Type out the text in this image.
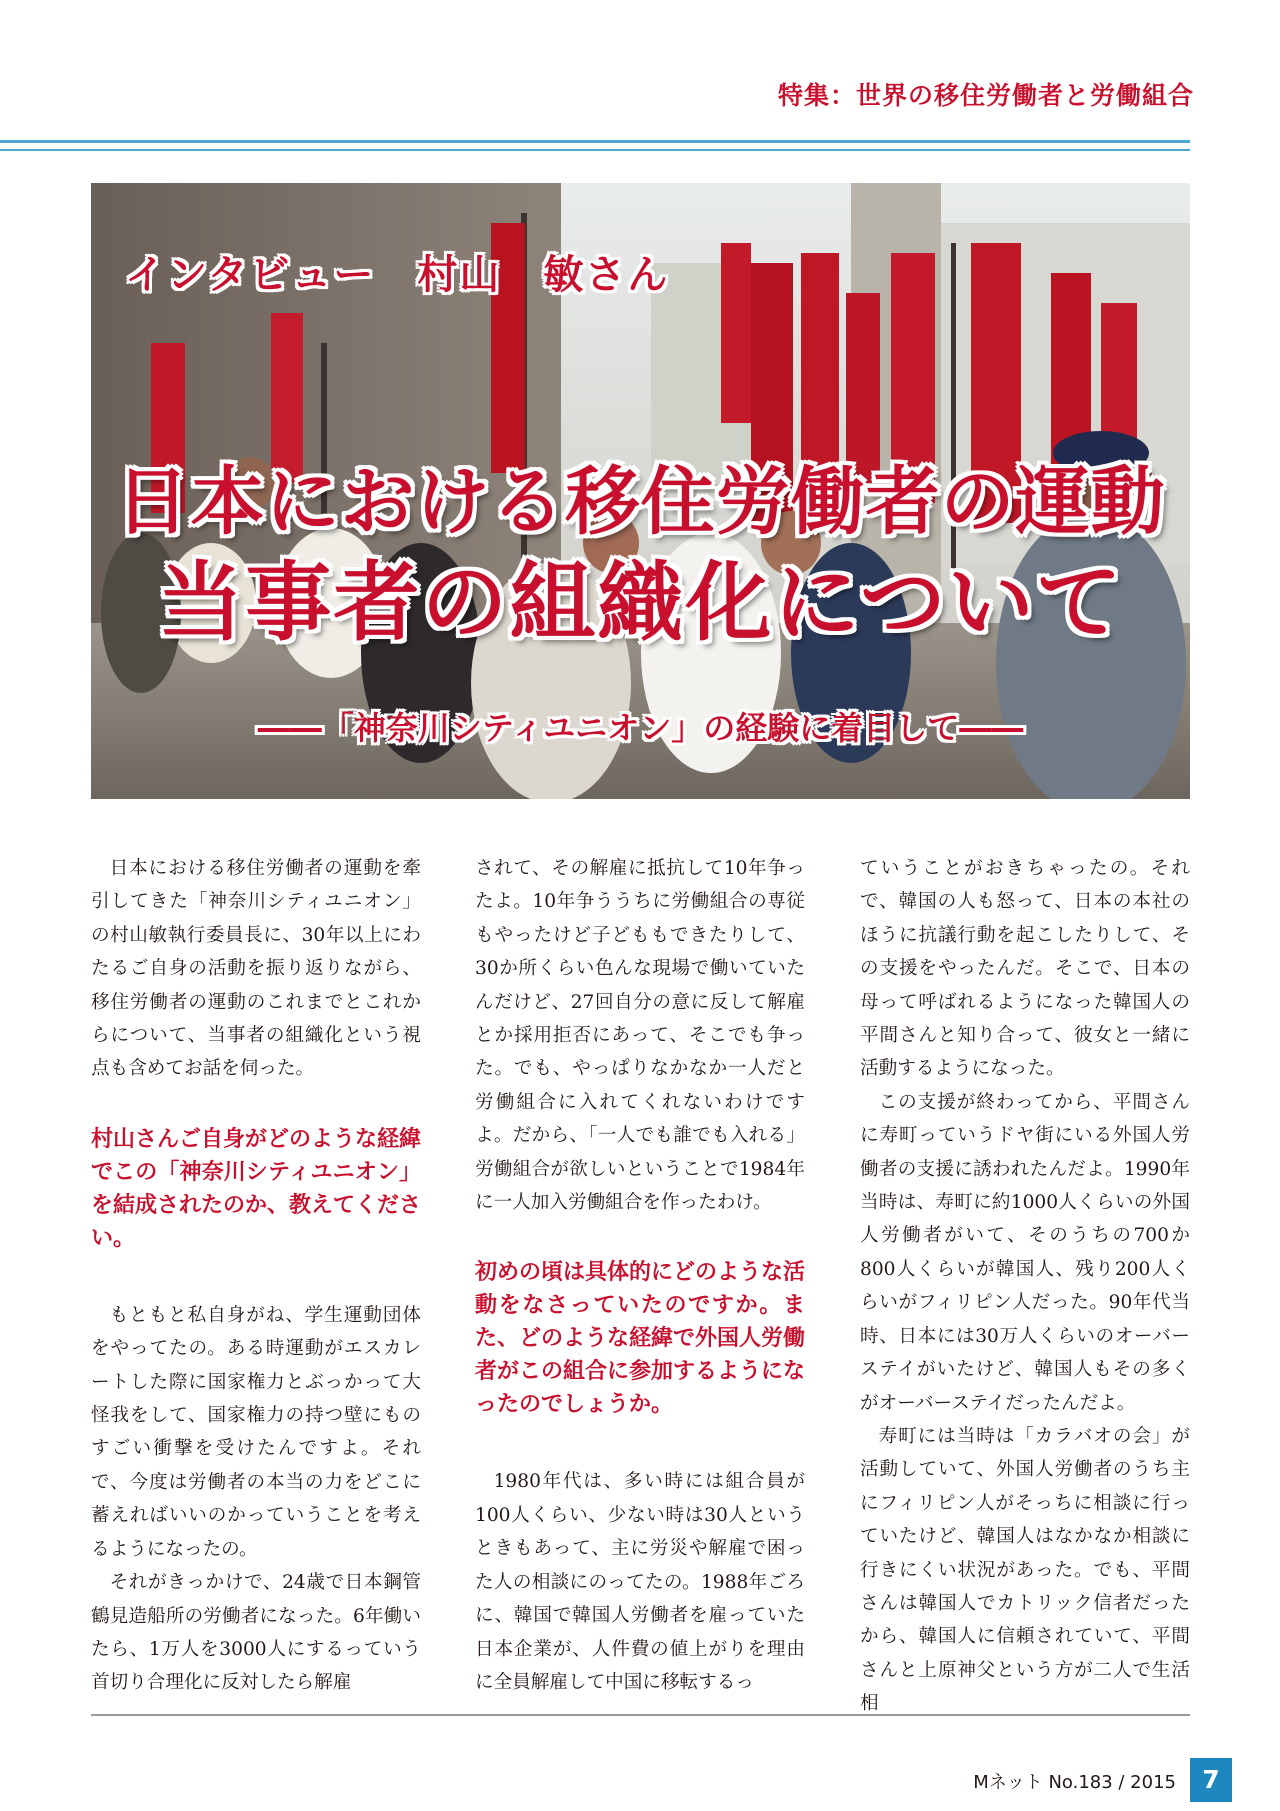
特集：世界の移住労働者と労働組合
インタビュー　村山　敏さん
日本における移住労働者の運動
当事者の組織化について
――「神奈川シティユニオン」の経験に着目して――

日本における移住労働者の運動を牽引してきた「神奈川シティユニオン」の村山敏執行委員長に、30年以上にわたるご自身の活動を振り返りながら、移住労働者の運動のこれまでとこれからについて、当事者の組織化という視点も含めてお話を伺った。

村山さんご自身がどのような経緯でこの「神奈川シティユニオン」を結成されたのか、教えてください。

もともと私自身がね、学生運動団体をやってたの。ある時運動がエスカレートした際に国家権力とぶっかって大怪我をして、国家権力の持つ壁にものすごい衝撃を受けたんですよ。それで、今度は労働者の本当の力をどこに蓄えればいいのかっていうことを考えるようになったの。

それがきっかけで、24歳で日本鋼管鶴見造船所の労働者になった。6年働いたら、1万人を3000人にするっていう首切り合理化に反対したら解雇

されて、その解雇に抵抗して10年争ったよ。10年争ううちに労働組合の専従もやったけど子どももできたりして、30か所くらい色んな現場で働いていたんだけど、27回自分の意に反して解雇とか採用拒否にあって、そこでも争った。でも、やっぱりなかなか一人だと労働組合に入れてくれないわけですよ。だから、「一人でも誰でも入れる」労働組合が欲しいということで1984年に一人加入労働組合を作ったわけ。

初めの頃は具体的にどのような活動をなさっていたのですか。また、どのような経緯で外国人労働者がこの組合に参加するようになったのでしょうか。

1980年代は、多い時には組合員が100人くらい、少ない時は30人というときもあって、主に労災や解雇で困った人の相談にのってたの。1988年ごろに、韓国で韓国人労働者を雇っていた日本企業が、人件費の値上がりを理由に全員解雇して中国に移転するっ

ていうことがおきちゃったの。それで、韓国の人も怒って、日本の本社のほうに抗議行動を起こしたりして、その支援をやったんだ。そこで、日本の母って呼ばれるようになった韓国人の平間さんと知り合って、彼女と一緒に活動するようになった。

この支援が終わってから、平間さんに寿町っていうドヤ街にいる外国人労働者の支援に誘われたんだよ。1990年当時は、寿町に約1000人くらいの外国人労働者がいて、そのうちの700か800人くらいが韓国人、残り200人くらいがフィリピン人だった。90年代当時、日本には30万人くらいのオーバーステイがいたけど、韓国人もその多くがオーバーステイだったんだよ。

寿町には当時は「カラバオの会」が活動していて、外国人労働者のうち主にフィリピン人がそっちに相談に行っていたけど、韓国人はなかなか相談に行きにくい状況があった。でも、平間さんは韓国人でカトリック信者だったから、韓国人に信頼されていて、平間さんと上原神父という方が二人で生活相

Mネット No.183 / 2015	7
